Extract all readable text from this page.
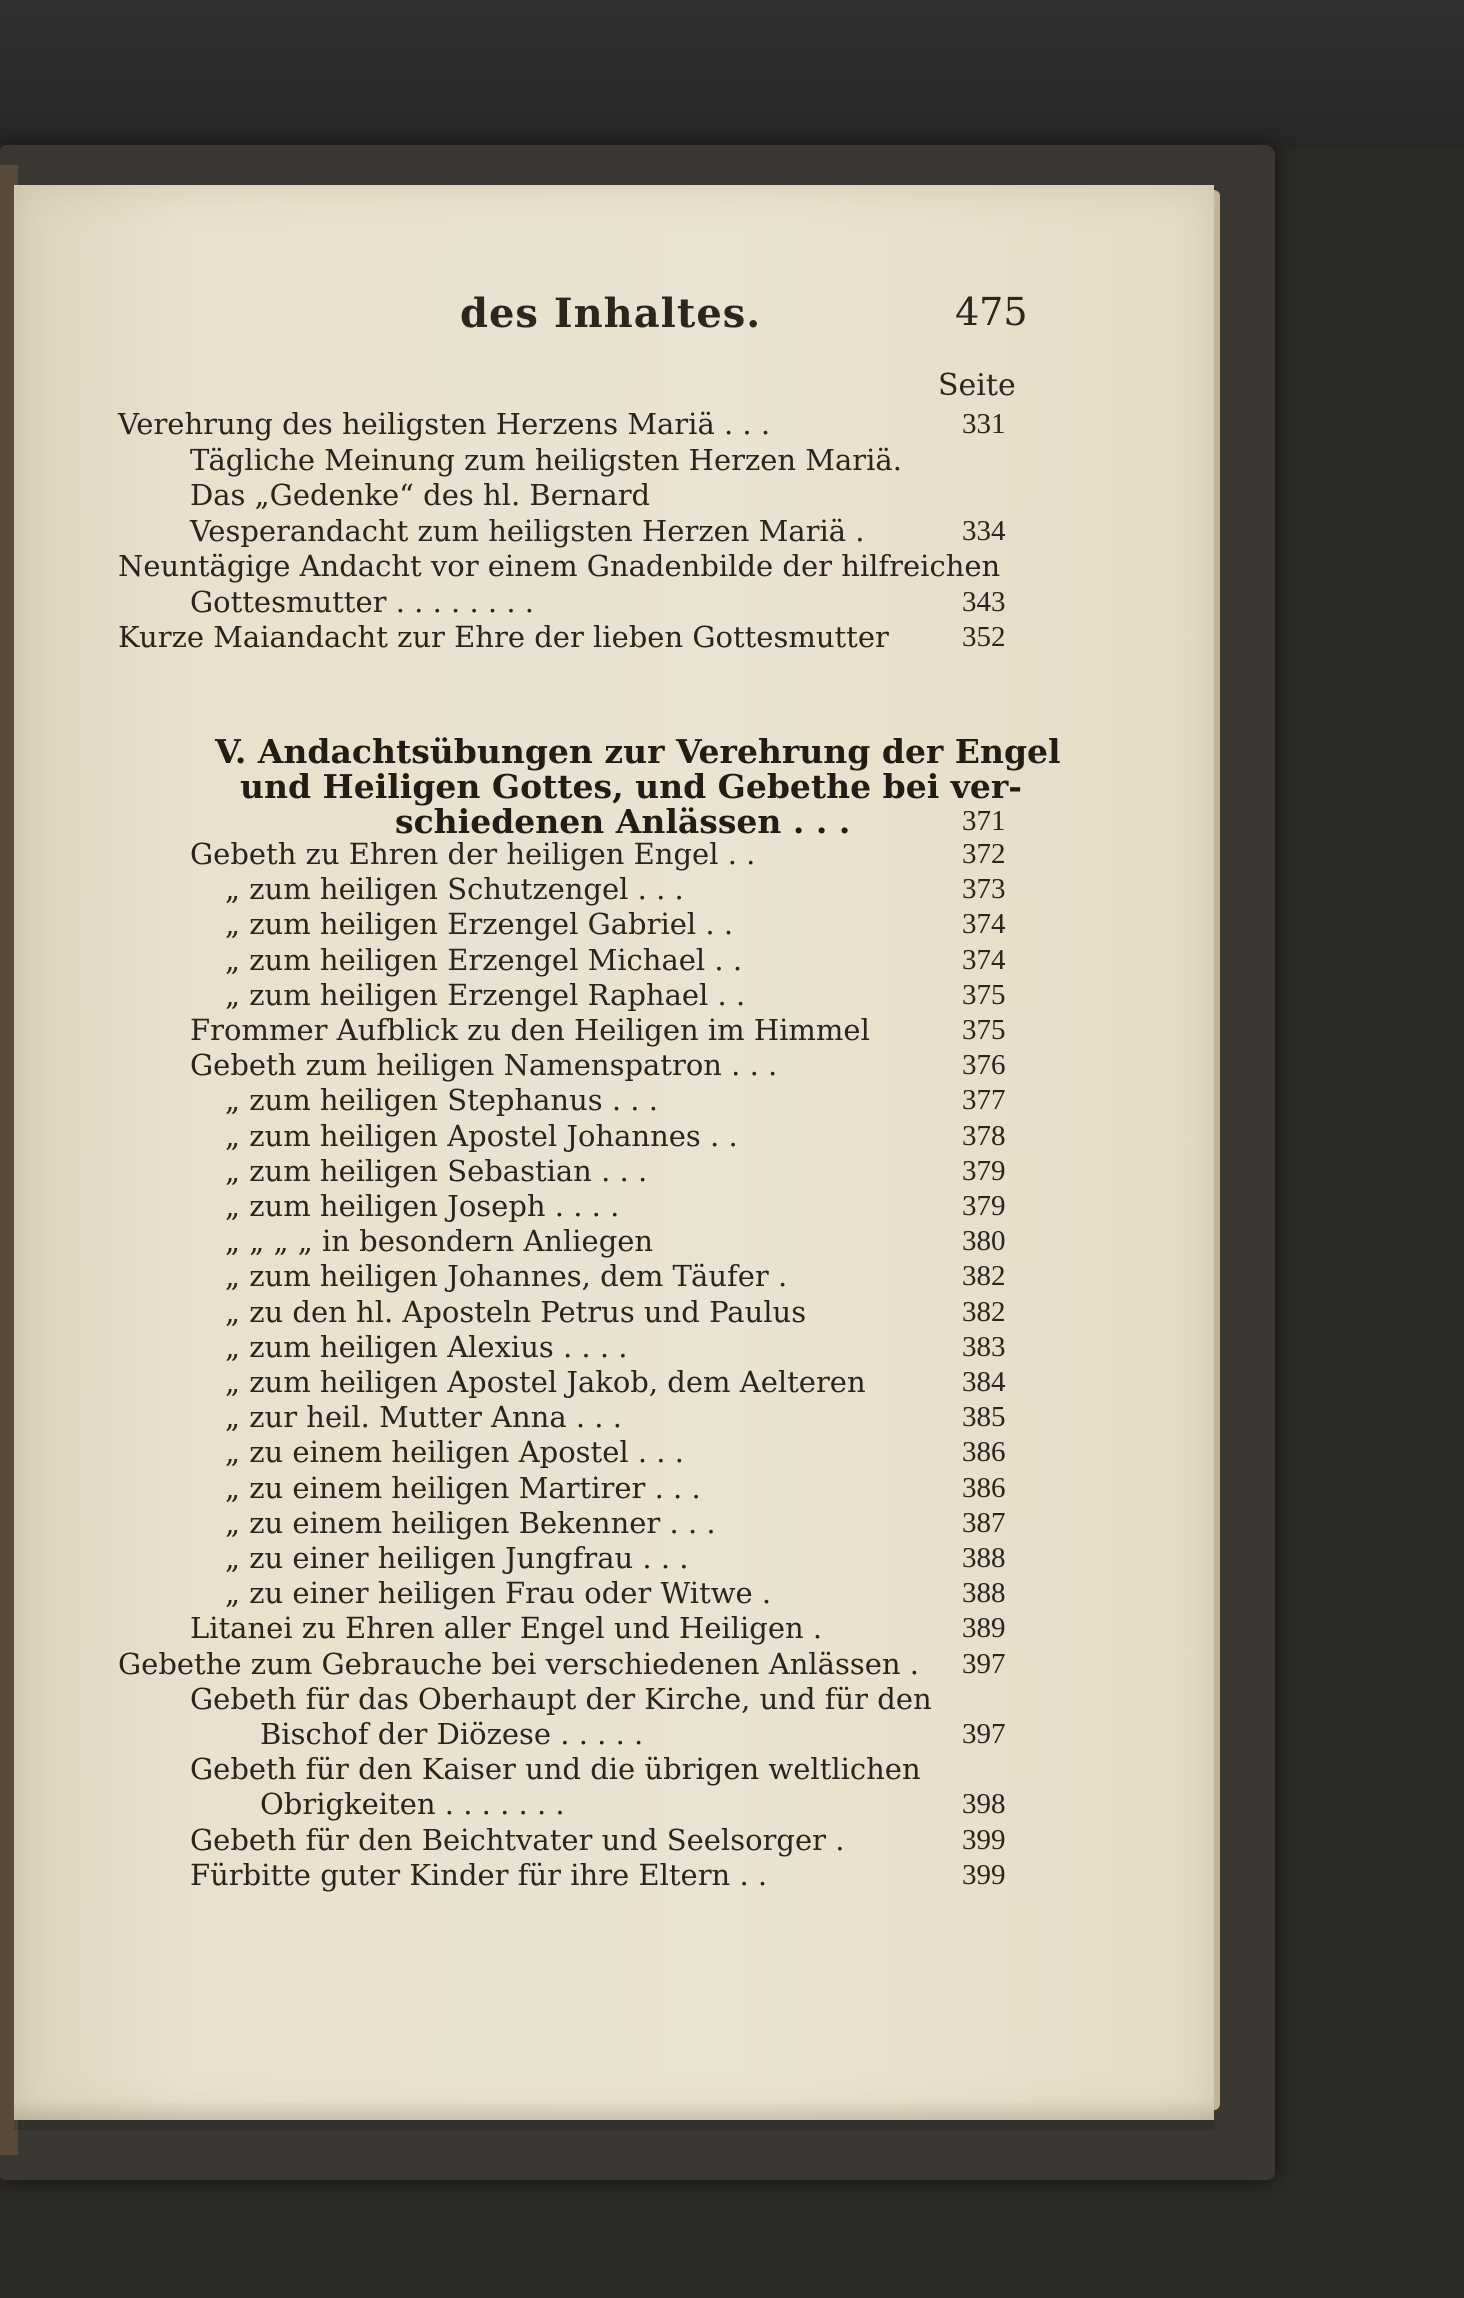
des Inhaltes.	475
Seite
Verehrung des heiligsten Herzens Mariä . . .	331
Tägliche Meinung zum heiligsten Herzen Mariä.
Das „Gedenke“ des hl. Bernard
Vesperandacht zum heiligsten Herzen Mariä .	334
Neuntägige Andacht vor einem Gnadenbilde der hilfreichen
Gottesmutter . . . . . . . .	343
Kurze Maiandacht zur Ehre der lieben Gottesmutter	352
V. Andachtsübungen zur Verehrung der Engel
und Heiligen Gottes, und Gebethe bei ver-
schiedenen Anlässen . . .	371
Gebeth zu Ehren der heiligen Engel . .	372
„ zum heiligen Schutzengel . . .	373
„ zum heiligen Erzengel Gabriel . .	374
„ zum heiligen Erzengel Michael . .	374
„ zum heiligen Erzengel Raphael . .	375
Frommer Aufblick zu den Heiligen im Himmel	375
Gebeth zum heiligen Namenspatron . . .	376
„ zum heiligen Stephanus . . .	377
„ zum heiligen Apostel Johannes . .	378
„ zum heiligen Sebastian . . .	379
„ zum heiligen Joseph . . . .	379
„ „ „ „ in besondern Anliegen	380
„ zum heiligen Johannes, dem Täufer .	382
„ zu den hl. Aposteln Petrus und Paulus	382
„ zum heiligen Alexius . . . .	383
„ zum heiligen Apostel Jakob, dem Aelteren	384
„ zur heil. Mutter Anna . . .	385
„ zu einem heiligen Apostel . . .	386
„ zu einem heiligen Martirer . . .	386
„ zu einem heiligen Bekenner . . .	387
„ zu einer heiligen Jungfrau . . .	388
„ zu einer heiligen Frau oder Witwe .	388
Litanei zu Ehren aller Engel und Heiligen .	389
Gebethe zum Gebrauche bei verschiedenen Anlässen . 397
Gebeth für das Oberhaupt der Kirche, und für den
Bischof der Diözese . . . . .	397
Gebeth für den Kaiser und die übrigen weltlichen
Obrigkeiten . . . . . . .	398
Gebeth für den Beichtvater und Seelsorger .	399
Fürbitte guter Kinder für ihre Eltern . .	399
